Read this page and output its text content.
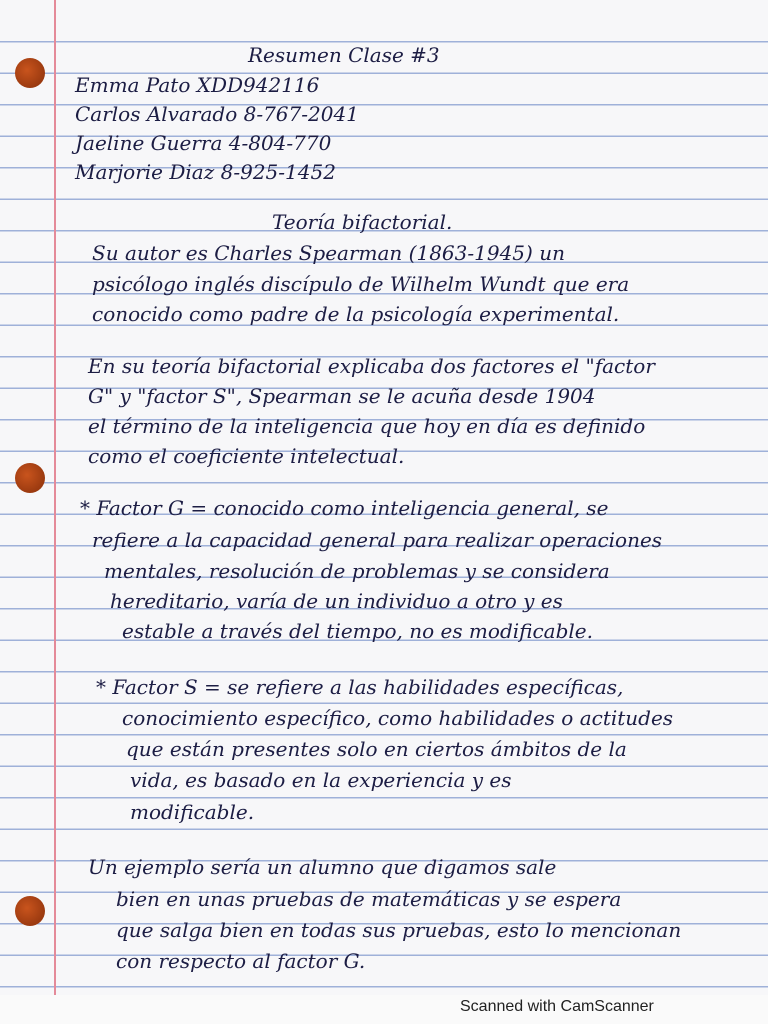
Resumen Clase #3
Emma Pato XDD942116
Carlos Alvarado 8-767-2041
Jaeline Guerra 4-804-770
Marjorie Diaz 8-925-1452
Teoría bifactorial.
Su autor es Charles Spearman (1863-1945) un
psicólogo inglés discípulo de Wilhelm Wundt que era
conocido como padre de la psicología experimental.
En su teoría bifactorial explicaba dos factores el "factor
G" y "factor S", Spearman se le acuña desde 1904
el término de la inteligencia que hoy en día es definido
como el coeficiente intelectual.
* Factor G = conocido como inteligencia general, se
refiere a la capacidad general para realizar operaciones
mentales, resolución de problemas y se considera
hereditario, varía de un individuo a otro y es
estable a través del tiempo, no es modificable.
* Factor S = se refiere a las habilidades específicas,
conocimiento específico, como habilidades o actitudes
que están presentes solo en ciertos ámbitos de la
vida, es basado en la experiencia y es
modificable.
Un ejemplo sería un alumno que digamos sale
bien en unas pruebas de matemáticas y se espera
que salga bien en todas sus pruebas, esto lo mencionan
con respecto al factor G.
Scanned with CamScanner
